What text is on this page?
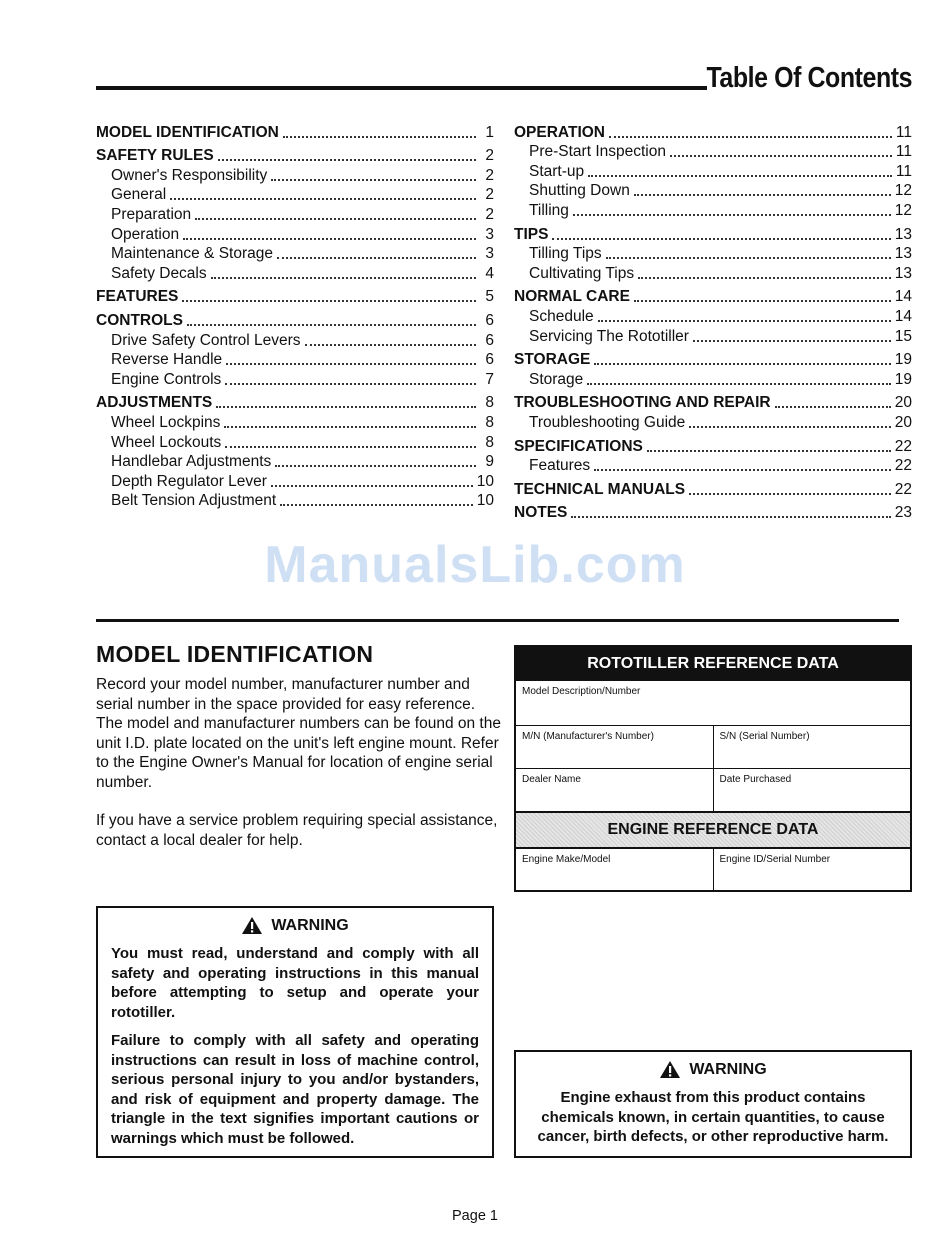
Table Of Contents
MODEL IDENTIFICATION	1
SAFETY RULES	2
Owner's Responsibility	2
General	2
Preparation	2
Operation	3
Maintenance & Storage	3
Safety Decals	4
FEATURES	5
CONTROLS	6
Drive Safety Control Levers	6
Reverse Handle	6
Engine Controls	7
ADJUSTMENTS	8
Wheel Lockpins	8
Wheel Lockouts	8
Handlebar Adjustments	9
Depth Regulator Lever	10
Belt Tension Adjustment	10
OPERATION	11
Pre-Start Inspection	11
Start-up	11
Shutting Down	12
Tilling	12
TIPS	13
Tilling Tips	13
Cultivating Tips	13
NORMAL CARE	14
Schedule	14
Servicing The Rototiller	15
STORAGE	19
Storage	19
TROUBLESHOOTING AND REPAIR	20
Troubleshooting Guide	20
SPECIFICATIONS	22
Features	22
TECHNICAL MANUALS	22
NOTES	23
ManualsLib.com
MODEL IDENTIFICATION
Record your model number, manufacturer number and serial number in the space provided for easy reference. The model and manufacturer numbers can be found on the unit I.D. plate located on the unit's left engine mount. Refer to the Engine Owner's Manual for location of engine serial number.
If you have a service problem requiring special assistance, contact a local dealer for help.
WARNING

You must read, understand and comply with all safety and operating instructions in this manual before attempting to setup and operate your rototiller.

Failure to comply with all safety and operating instructions can result in loss of machine control, serious personal injury to you and/or bystanders, and risk of equipment and property damage. The triangle in the text signifies important cautions or warnings which must be followed.

ROTOTILLER REFERENCE DATA
Model Description/Number
M/N (Manufacturer's Number)	S/N (Serial Number)
Dealer Name	Date Purchased
ENGINE REFERENCE DATA
Engine Make/Model	Engine ID/Serial Number
WARNING

Engine exhaust from this product contains chemicals known, in certain quantities, to cause cancer, birth defects, or other reproductive harm.

Page 1
